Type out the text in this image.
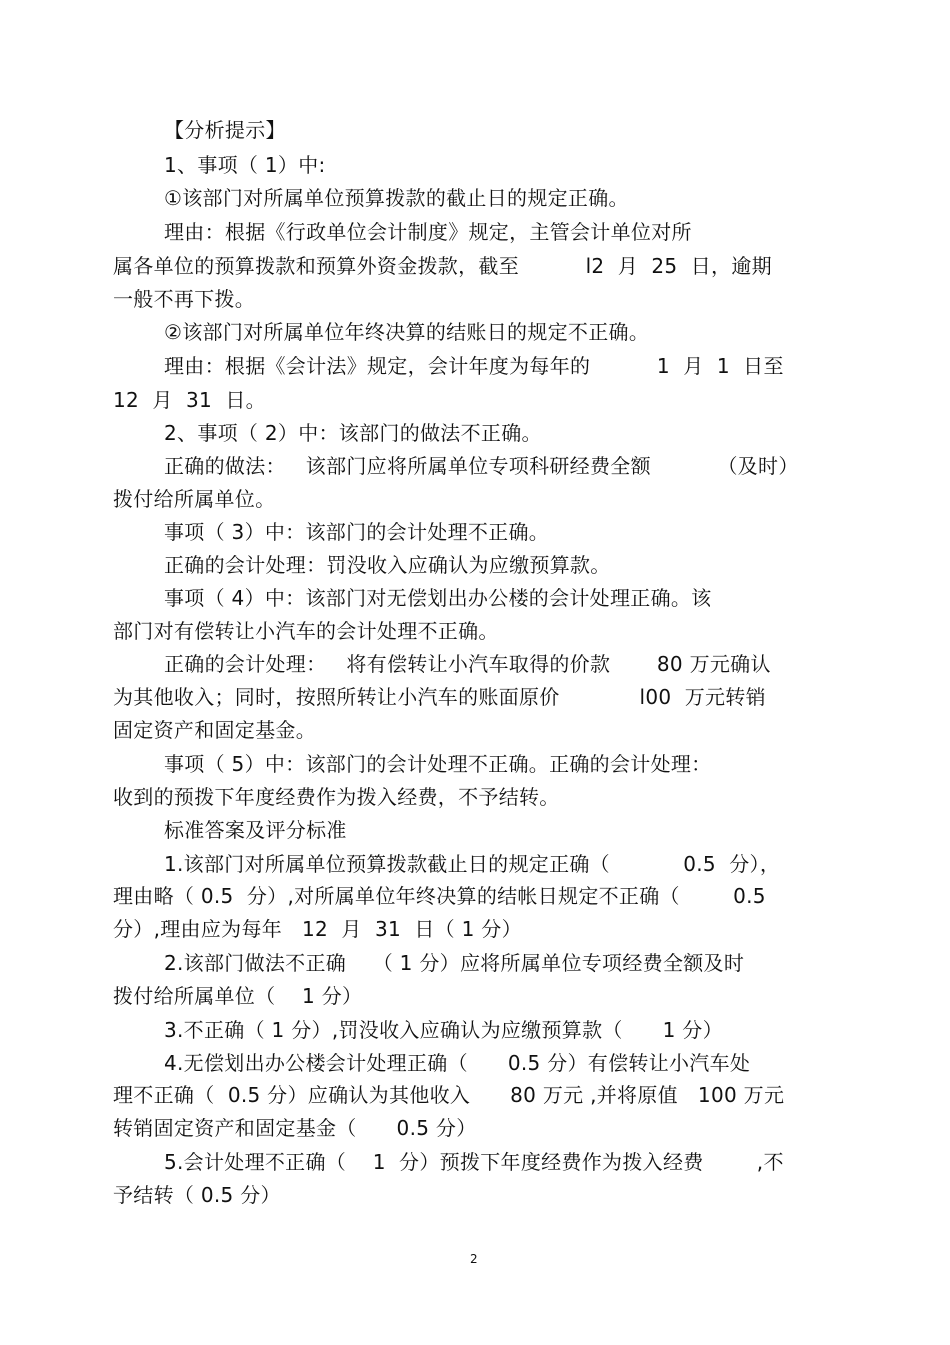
【分析提示】
1、事项（ 1）中:
①该部门对所属单位预算拨款的截止日的规定正确。
理由：根据《行政单位会计制度》规定，主管会计单位对所
属各单位的预算拨款和预算外资金拨款，截至          l2  月  25  日，逾期
一般不再下拨。
②该部门对所属单位年终决算的结账日的规定不正确。
理由：根据《会计法》规定，会计年度为每年的          1  月  1  日至
12  月  31  日。
2、事项（ 2）中：该部门的做法不正确。
正确的做法：   该部门应将所属单位专项科研经费全额          （及时）
拨付给所属单位。
事项（ 3）中：该部门的会计处理不正确。
正确的会计处理：罚没收入应确认为应缴预算款。
事项（ 4）中：该部门对无偿划出办公楼的会计处理正确。该
部门对有偿转让小汽车的会计处理不正确。
正确的会计处理：   将有偿转让小汽车取得的价款       80 万元确认
为其他收入；同时，按照所转让小汽车的账面原价            l00  万元转销
固定资产和固定基金。
事项（ 5）中：该部门的会计处理不正确。正确的会计处理：
收到的预拨下年度经费作为拨入经费，不予结转。
标准答案及评分标准
1.该部门对所属单位预算拨款截止日的规定正确（           0.5  分），
理由略（ 0.5  分）,对所属单位年终决算的结帐日规定不正确（        0.5
分）,理由应为每年   12  月  31  日（ 1 分）
2.该部门做法不正确    （ 1 分）应将所属单位专项经费全额及时
拨付给所属单位（    1 分）
3.不正确（ 1 分）,罚没收入应确认为应缴预算款（      1 分）
4.无偿划出办公楼会计处理正确（      0.5 分）有偿转让小汽车处
理不正确（  0.5 分）应确认为其他收入      80 万元 ,并将原值   100 万元
转销固定资产和固定基金（      0.5 分）
5.会计处理不正确（    1  分）预拨下年度经费作为拨入经费        ,不
予结转（ 0.5 分）
2
